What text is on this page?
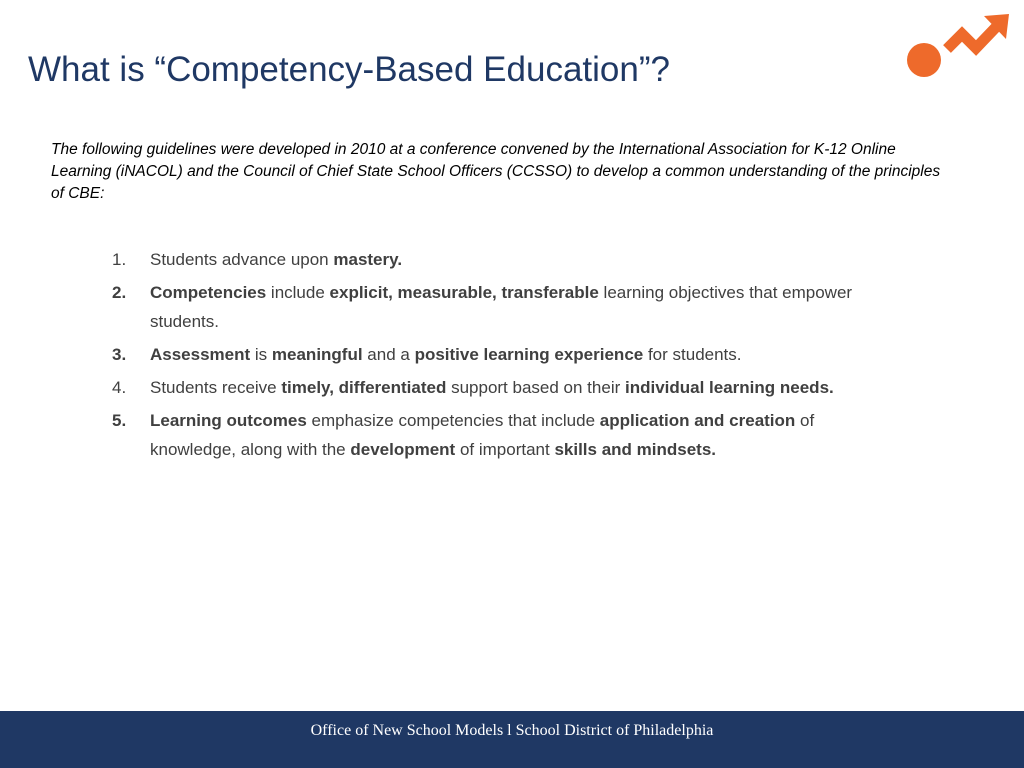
What is “Competency-Based Education”?

The following guidelines were developed in 2010 at a conference convened by the International Association for K-12 Online Learning (iNACOL) and the Council of Chief State School Officers (CCSSO) to develop a common understanding of the principles of CBE:

1. Students advance upon mastery.
2. Competencies include explicit, measurable, transferable learning objectives that empower students.
3. Assessment is meaningful and a positive learning experience for students.
4. Students receive timely, differentiated support based on their individual learning needs.
5. Learning outcomes emphasize competencies that include application and creation of knowledge, along with the development of important skills and mindsets.
Office of New School Models l School District of Philadelphia
